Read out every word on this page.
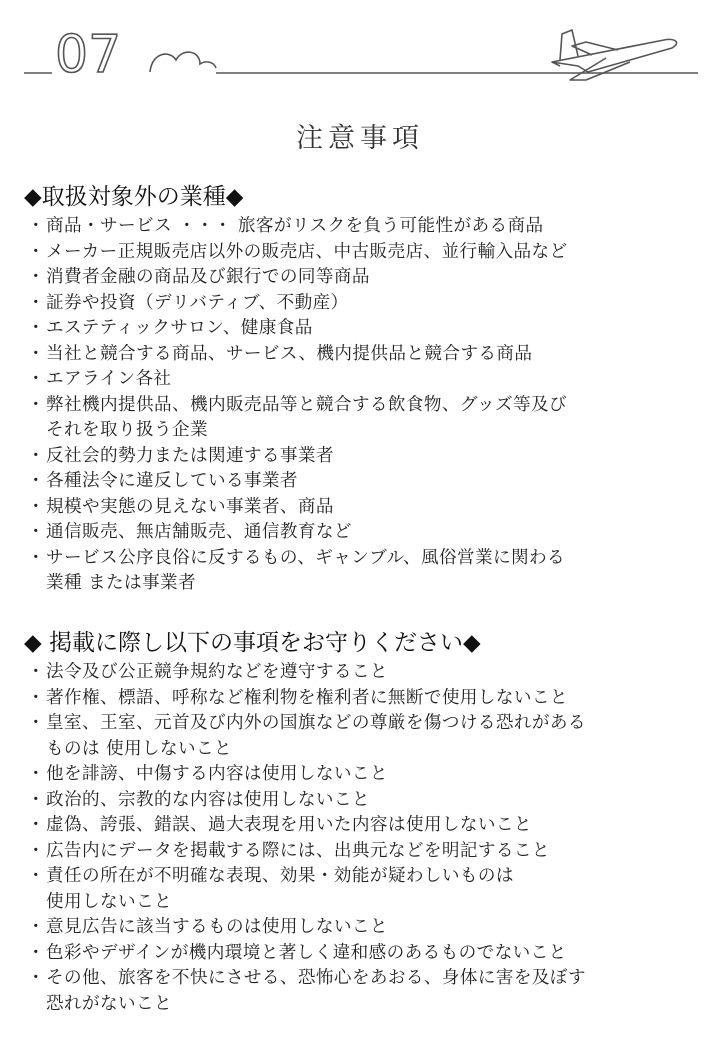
07
注意事項
◆取扱対象外の業種◆
・ 商品・サービス ・・・ 旅客がリスクを負う可能性がある商品
・ メーカー正規販売店以外の販売店、中古販売店、並行輸入品など
・ 消費者金融の商品及び銀行での同等商品
・ 証券や投資（デリバティブ、不動産）
・ エステティックサロン、健康食品
・ 当社と競合する商品、サービス、機内提供品と競合する商品
・ エアライン各社
・ 弊社機内提供品、機内販売品等と競合する飲食物、グッズ等及び
それを取り扱う企業
・ 反社会的勢力または関連する事業者
・ 各種法令に違反している事業者
・ 規模や実態の見えない事業者、商品
・ 通信販売、無店舗販売、通信教育など
・ サービス公序良俗に反するもの、ギャンブル、風俗営業に関わる
業種 または事業者
◆ 掲載に際し以下の事項をお守りください◆
・ 法令及び公正競争規約などを遵守すること
・ 著作権、標語、呼称など権利物を権利者に無断で使用しないこと
・ 皇室、王室、元首及び内外の国旗などの尊厳を傷つける恐れがある
ものは 使用しないこと
・ 他を誹謗、中傷する内容は使用しないこと
・ 政治的、宗教的な内容は使用しないこと
・ 虚偽、誇張、錯誤、過大表現を用いた内容は使用しないこと
・ 広告内にデータを掲載する際には、出典元などを明記すること
・ 責任の所在が不明確な表現、効果・効能が疑わしいものは
使用しないこと
・ 意見広告に該当するものは使用しないこと
・ 色彩やデザインが機内環境と著しく違和感のあるものでないこと
・ その他、旅客を不快にさせる、恐怖心をあおる、身体に害を及ぼす
恐れがないこと
